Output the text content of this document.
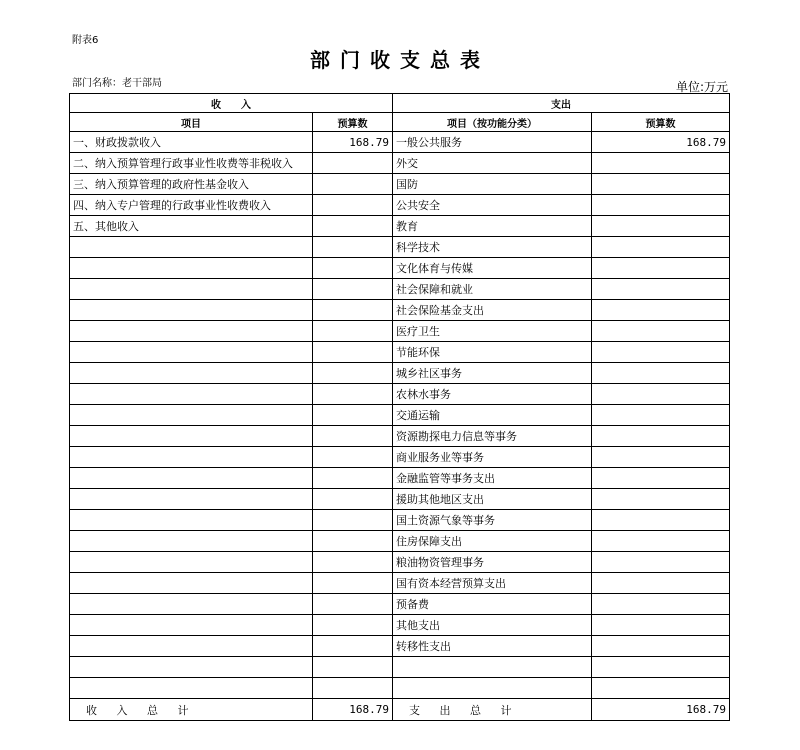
附表6
部门收支总表
部门名称：老干部局	单位:万元
收　　入		支出	
项目	预算数	项目（按功能分类）	预算数
一、财政拨款收入	168.79	一般公共服务	168.79
二、纳入预算管理行政事业性收费等非税收入		外交	
三、纳入预算管理的政府性基金收入		国防	
四、纳入专户管理的行政事业性收费收入		公共安全	
五、其他收入		教育	
		科学技术	
		文化体育与传媒	
		社会保障和就业	
		社会保险基金支出	
		医疗卫生	
		节能环保	
		城乡社区事务	
		农林水事务	
		交通运输	
		资源勘探电力信息等事务	
		商业服务业等事务	
		金融监管等事务支出	
		援助其他地区支出	
		国土资源气象等事务	
		住房保障支出	
		粮油物资管理事务	
		国有资本经营预算支出	
		预备费	
		其他支出	
		转移性支出	

收 入 总 计	168.79	支 出 总 计	168.79
